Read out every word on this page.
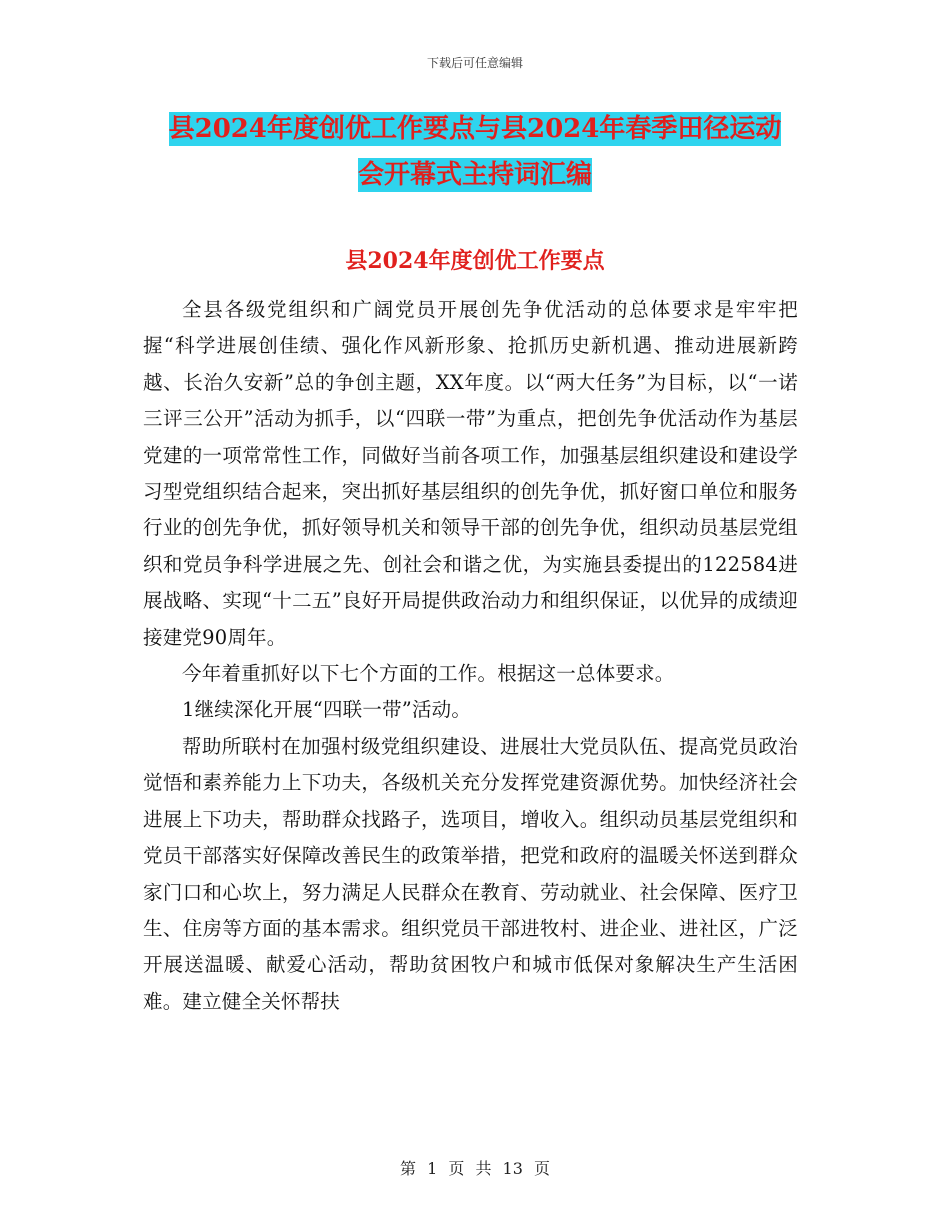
下载后可任意编辑
县2024年度创优工作要点与县2024年春季田径运动
会开幕式主持词汇编
县2024年度创优工作要点

全县各级党组织和广阔党员开展创先争优活动的总体要求是牢牢把握“科学进展创佳绩、强化作风新形象、抢抓历史新机遇、推动进展新跨越、长治久安新”总的争创主题，XX年度。以“两大任务”为目标，以“一诺三评三公开”活动为抓手，以“四联一带”为重点，把创先争优活动作为基层党建的一项常常性工作，同做好当前各项工作，加强基层组织建设和建设学习型党组织结合起来，突出抓好基层组织的创先争优，抓好窗口单位和服务行业的创先争优，抓好领导机关和领导干部的创先争优，组织动员基层党组织和党员争科学进展之先、创社会和谐之优，为实施县委提出的122584进展战略、实现“十二五”良好开局提供政治动力和组织保证，以优异的成绩迎接建党90周年。

今年着重抓好以下七个方面的工作。根据这一总体要求。

1继续深化开展“四联一带”活动。

帮助所联村在加强村级党组织建设、进展壮大党员队伍、提高党员政治觉悟和素养能力上下功夫，各级机关充分发挥党建资源优势。加快经济社会进展上下功夫，帮助群众找路子，选项目，增收入。组织动员基层党组织和党员干部落实好保障改善民生的政策举措，把党和政府的温暖关怀送到群众家门口和心坎上，努力满足人民群众在教育、劳动就业、社会保障、医疗卫生、住房等方面的基本需求。组织党员干部进牧村、进企业、进社区，广泛开展送温暖、献爱心活动，帮助贫困牧户和城市低保对象解决生产生活困难。建立健全关怀帮扶

第 1 页 共 13 页
